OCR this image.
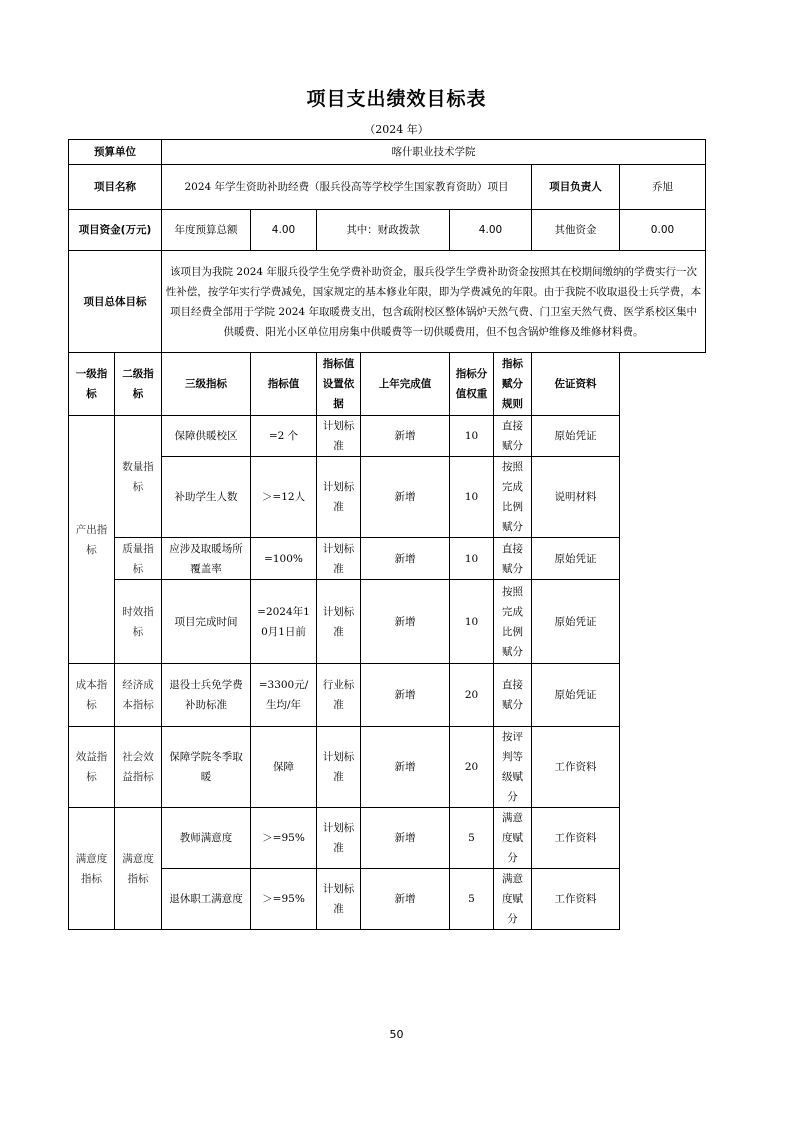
项目支出绩效目标表
（2024 年）
预算单位		喀什职业技术学院							
项目名称		2024 年学生资助补助经费（服兵役高等学校学生国家教育资助）项目						项目负责人	乔旭
项目资金(万元)		年度预算总额	4.00	其中：财政拨款		4.00		其他资金	0.00
项目总体目标		该项目为我院 2024 年服兵役学生免学费补助资金，服兵役学生学费补助资金按照其在校期间缴纳的学费实行一次性补偿，按学年实行学费减免，国家规定的基本修业年限，即为学费减免的年限。由于我院不收取退役士兵学费，本项目经费全部用于学院 2024 年取暖费支出，包含疏附校区整体锅炉天然气费、门卫室天然气费、医学系校区集中供暖费、阳光小区单位用房集中供暖费等一切供暖费用，但不包含锅炉维修及维修材料费。							
一级指标	二级指标	三级指标	指标值	指标值设置依据	上年完成值	指标分值权重	指标赋分规则	佐证资料	
产出指标	数量指标	保障供暖校区	=2 个	计划标准	新增	10	直接赋分	原始凭证	
		补助学生人数	＞=12人	计划标准	新增	10	按照完成比例赋分	说明材料	
	质量指标	应涉及取暖场所覆盖率	=100%	计划标准	新增	10	直接赋分	原始凭证	
	时效指标	项目完成时间	=2024年10月1日前	计划标准	新增	10	按照完成比例赋分	原始凭证	

成本指标	经济成本指标	退役士兵免学费补助标准	=3300元/生均/年	行业标准	新增	20	直接赋分	原始凭证	
效益指标	社会效益指标	保障学院冬季取暖	保障	计划标准	新增	20	按评判等级赋分	工作资料	
满意度指标	满意度指标	教师满意度	＞=95%	计划标准	新增	5	满意度赋分	工作资料	
		退休职工满意度	＞=95%	计划标准	新增	5	满意度赋分	工作资料	
50
